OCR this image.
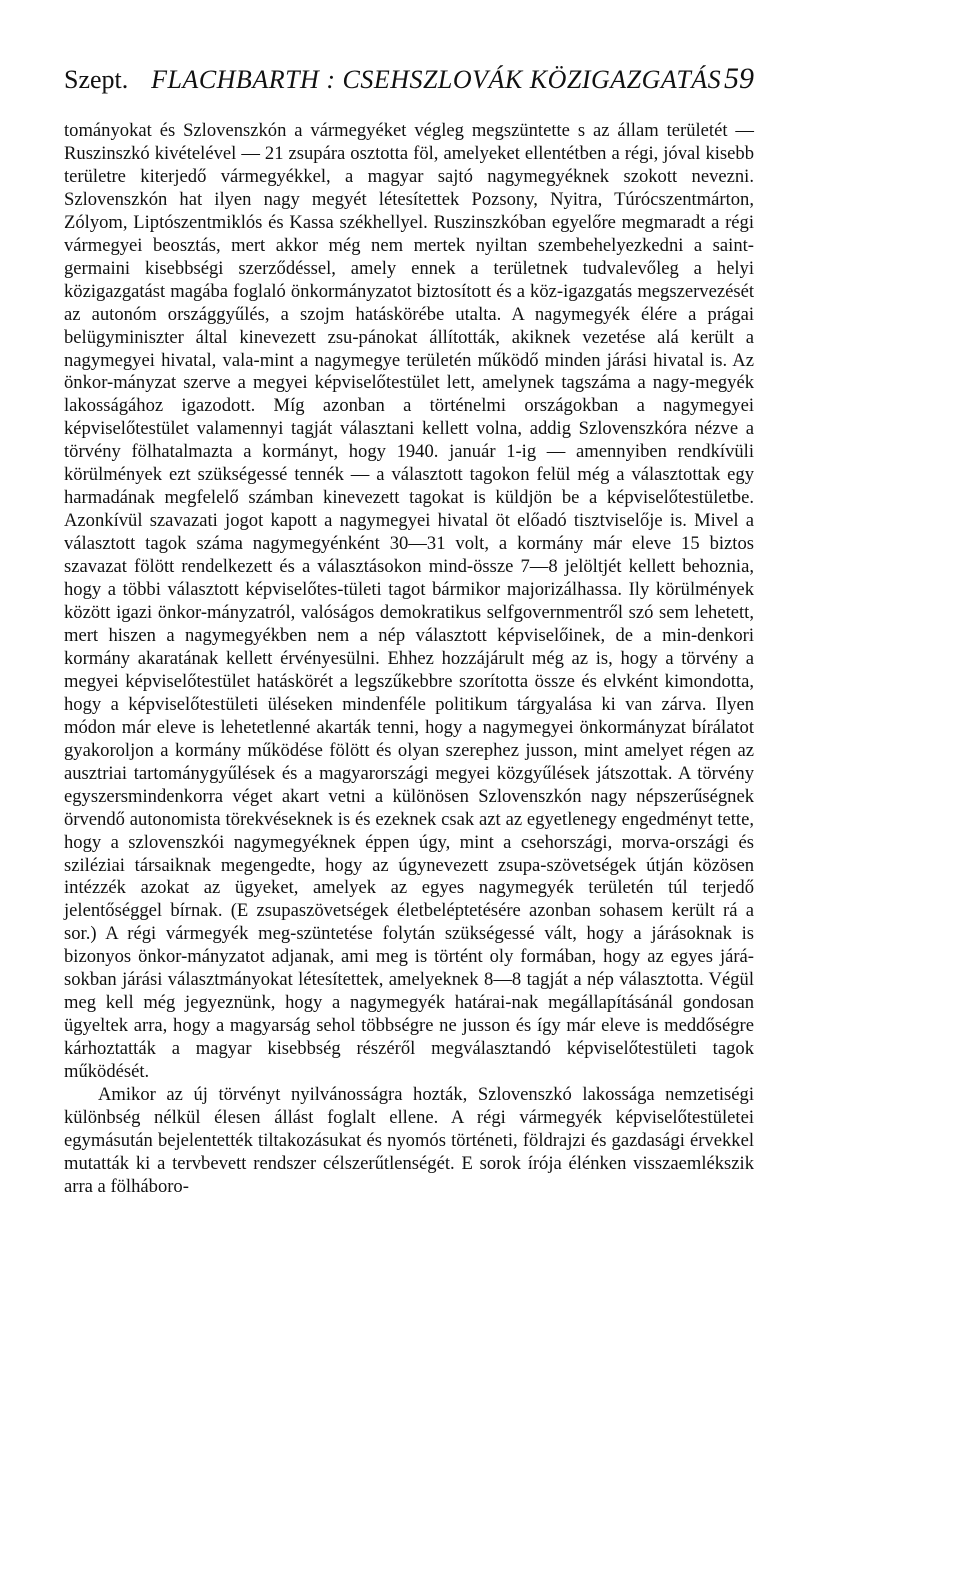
Szept. FLACHBARTH : CSEHSZLOVÁK KÖZIGAZGATÁS 59

tományokat és Szlovenszkón a vármegyéket végleg megszüntette s az állam területét — Ruszinszkó kivételével — 21 zsupára osztotta föl, amelyeket ellentétben a régi, jóval kisebb területre kiterjedő vármegyékkel, a magyar sajtó nagymegyéknek szokott nevezni. Szlovenszkón hat ilyen nagy megyét létesítettek Pozsony, Nyitra, Túrócszentmárton, Zólyom, Liptószentmiklós és Kassa székhellyel. Ruszinszkóban egyelőre megmaradt a régi vármegyei beosztás, mert akkor még nem mertek nyiltan szembehelyezkedni a saint-germaini kisebbségi szerződéssel, amely ennek a területnek tudvalevőleg a helyi közigazgatást magába foglaló önkormányzatot biztosított és a köz-igazgatás megszervezését az autonóm országgyűlés, a szojm hatáskörébe utalta. A nagymegyék élére a prágai belügyminiszter által kinevezett zsu-pánokat állították, akiknek vezetése alá került a nagymegyei hivatal, vala-mint a nagymegye területén működő minden járási hivatal is. Az önkor-mányzat szerve a megyei képviselőtestület lett, amelynek tagszáma a nagy-megyék lakosságához igazodott. Míg azonban a történelmi országokban a nagymegyei képviselőtestület valamennyi tagját választani kellett volna, addig Szlovenszkóra nézve a törvény fölhatalmazta a kormányt, hogy 1940. január 1-ig — amennyiben rendkívüli körülmények ezt szükségessé tennék — a választott tagokon felül még a választottak egy harmadának megfelelő számban kinevezett tagokat is küldjön be a képviselőtestületbe. Azonkívül szavazati jogot kapott a nagymegyei hivatal öt előadó tisztviselője is. Mivel a választott tagok száma nagymegyénként 30—31 volt, a kormány már eleve 15 biztos szavazat fölött rendelkezett és a választásokon mind-össze 7—8 jelöltjét kellett behoznia, hogy a többi választott képviselőtes-tületi tagot bármikor majorizálhassa. Ily körülmények között igazi önkor-mányzatról, valóságos demokratikus selfgovernmentről szó sem lehetett, mert hiszen a nagymegyékben nem a nép választott képviselőinek, de a min-denkori kormány akaratának kellett érvényesülni. Ehhez hozzájárult még az is, hogy a törvény a megyei képviselőtestület hatáskörét a legszűkebbre szorította össze és elvként kimondotta, hogy a képviselőtestületi üléseken mindenféle politikum tárgyalása ki van zárva. Ilyen módon már eleve is lehetetlenné akarták tenni, hogy a nagymegyei önkormányzat bírálatot gyakoroljon a kormány működése fölött és olyan szerephez jusson, mint amelyet régen az ausztriai tartománygyűlések és a magyarországi megyei közgyűlések játszottak. A törvény egyszersmindenkorra véget akart vetni a különösen Szlovenszkón nagy népszerűségnek örvendő autonomista törekvéseknek is és ezeknek csak azt az egyetlenegy engedményt tette, hogy a szlovenszkói nagymegyéknek éppen úgy, mint a csehországi, morva-országi és sziléziai társaiknak megengedte, hogy az úgynevezett zsupa-szövetségek útján közösen intézzék azokat az ügyeket, amelyek az egyes nagymegyék területén túl terjedő jelentőséggel bírnak. (E zsupaszövetségek életbeléptetésére azonban sohasem került rá a sor.) A régi vármegyék meg-szüntetése folytán szükségessé vált, hogy a járásoknak is bizonyos önkor-mányzatot adjanak, ami meg is történt oly formában, hogy az egyes járá-sokban járási választmányokat létesítettek, amelyeknek 8—8 tagját a nép választotta. Végül meg kell még jegyeznünk, hogy a nagymegyék határai-nak megállapításánál gondosan ügyeltek arra, hogy a magyarság sehol többségre ne jusson és így már eleve is meddőségre kárhoztatták a magyar kisebbség részéről megválasztandó képviselőtestületi tagok működését.

Amikor az új törvényt nyilvánosságra hozták, Szlovenszkó lakossága nemzetiségi különbség nélkül élesen állást foglalt ellene. A régi vármegyék képviselőtestületei egymásután bejelentették tiltakozásukat és nyomós történeti, földrajzi és gazdasági érvekkel mutatták ki a tervbevett rendszer célszerűtlenségét. E sorok írója élénken visszaemlékszik arra a fölháboro-
